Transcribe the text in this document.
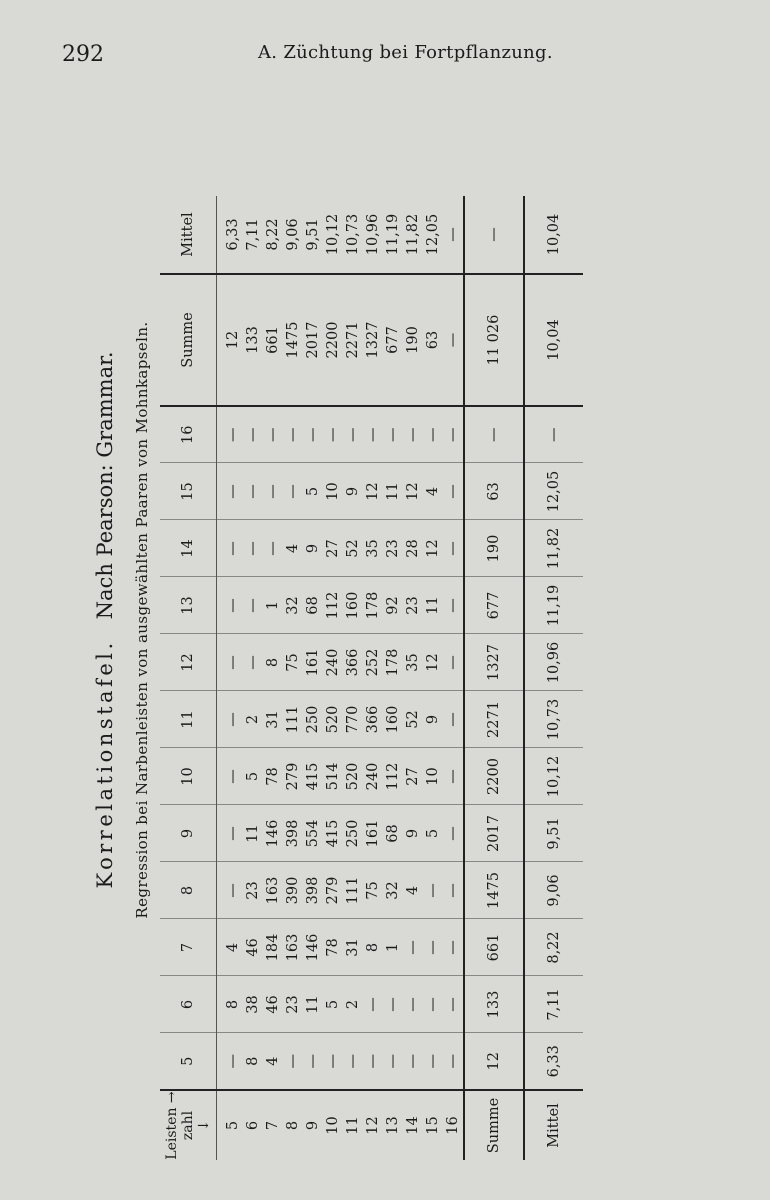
292	A. Züchtung bei Fortpflanzung.
Korrelationstafel.   Nach Pearson: Grammar. Regression bei Narbenleisten von ausgewählten Paaren von Mohnkapseln.
Leisten → zahl ↓	5	6	7	8	9	10	11	12	13	14	15	16	Summe	Mittel
5	—	8	4	—	—	—	—	—	—	—	—	—	12	6,33
6	8	38	46	23	11	5	2	—	—	—	—	—	133	7,11
7	4	46	184	163	146	78	31	8	1	—	—	—	661	8,22
8	—	23	163	390	398	279	111	75	32	4	—	—	1475	9,06
9	—	11	146	398	554	415	250	161	68	9	5	—	2017	9,51
10	—	5	78	279	415	514	520	240	112	27	10	—	2200	10,12
11	—	2	31	111	250	520	770	366	160	52	9	—	2271	10,73
12	—	—	8	75	161	240	366	252	178	35	12	—	1327	10,96
13	—	—	1	32	68	112	160	178	92	23	11	—	677	11,19
14	—	—	—	4	9	27	52	35	23	28	12	—	190	11,82
15	—	—	—	—	5	10	9	12	11	12	4	—	63	12,05
16	—	—	—	—	—	—	—	—	—	—	—	—	—	—
Summe	12	133	661	1475	2017	2200	2271	1327	677	190	63	—	11 026	—
Mittel	6,33	7,11	8,22	9,06	9,51	10,12	10,73	10,96	11,19	11,82	12,05	—	10,04	10,04
